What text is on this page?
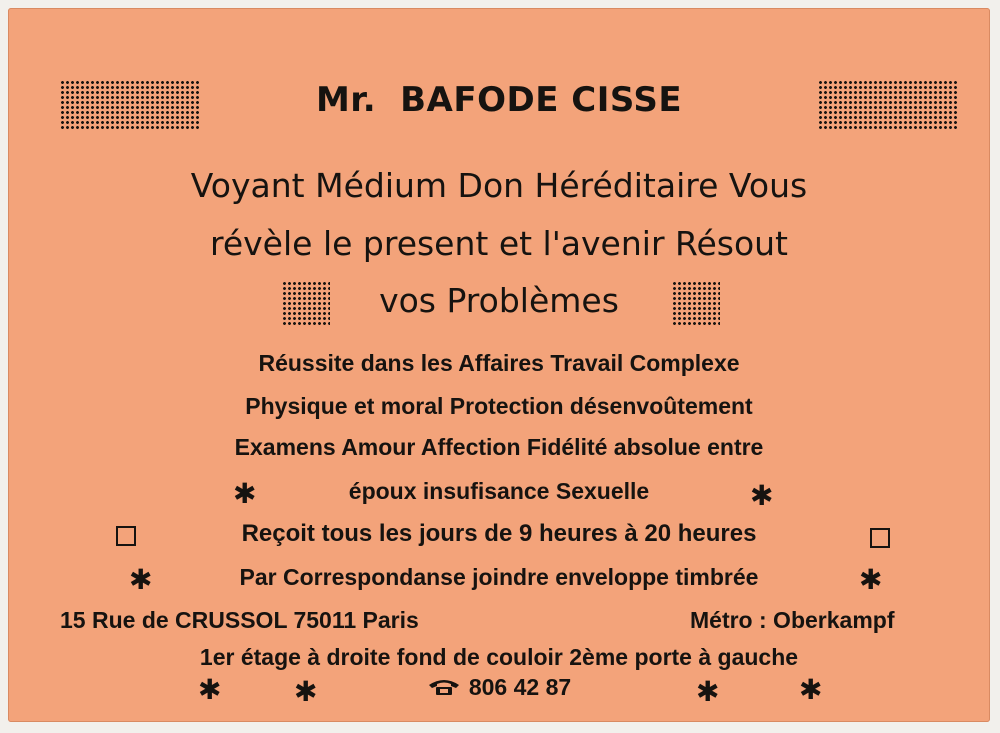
Mr. BAFODE CISSE
Voyant Médium Don Héréditaire Vous
révèle le present et l'avenir Résout
vos Problèmes
Réussite dans les Affaires Travail Complexe
Physique et moral Protection désenvoûtement
Examens Amour Affection Fidélité absolue entre
✱	époux insufisance Sexuelle	✱
Reçoit tous les jours de 9 heures à 20 heures
✱	Par Correspondanse joindre enveloppe timbrée	✱
15 Rue de CRUSSOL 75011 Paris	Métro : Oberkampf
1er étage à droite fond de couloir 2ème porte à gauche
✱	✱	806 42 87	✱	✱
